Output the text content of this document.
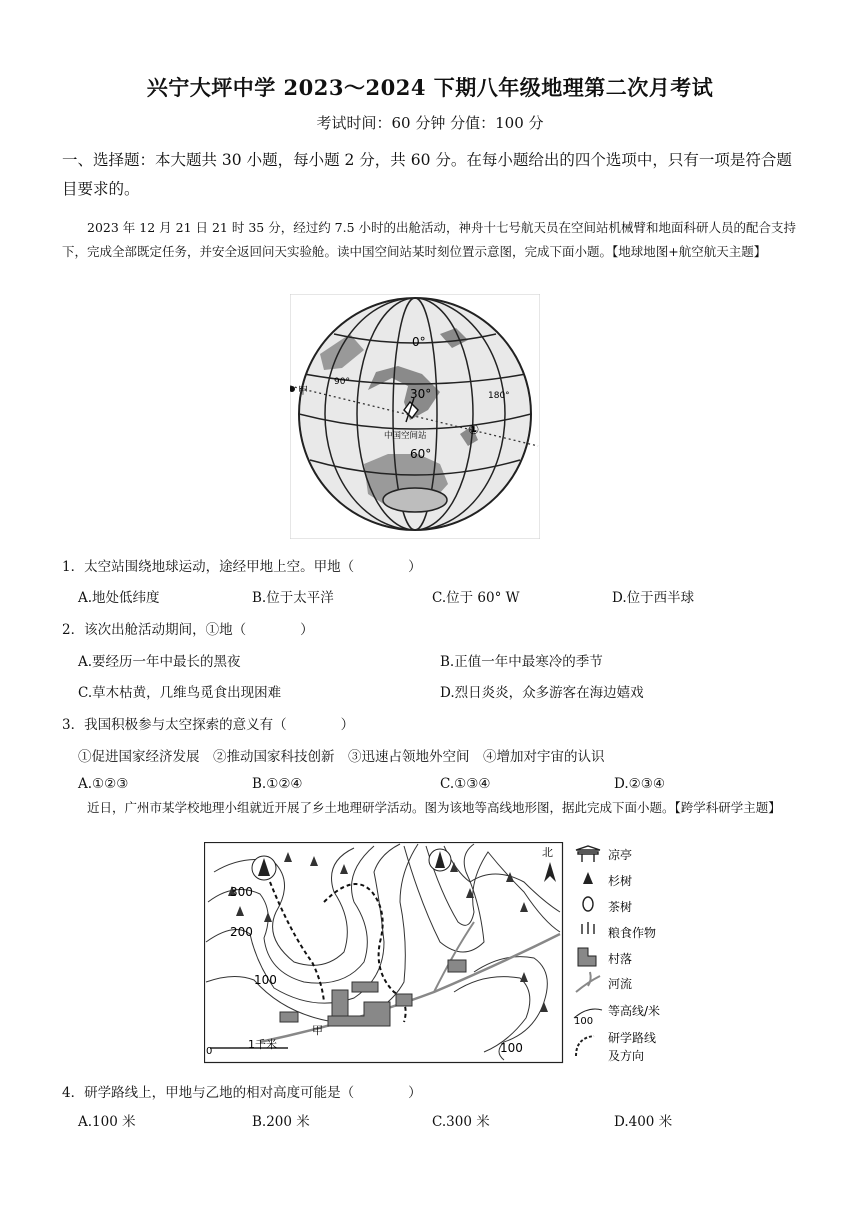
兴宁大坪中学 2023～2024 下期八年级地理第二次月考试
考试时间：60 分钟 分值：100 分
一、选择题：本大题共 30 小题，每小题 2 分，共 60 分。在每小题给出的四个选项中，只有一项是符合题目要求的。
2023 年 12 月 21 日 21 时 35 分，经过约 7.5 小时的出舱活动，神舟十七号航天员在空间站机械臂和地面科研人员的配合支持下，完成全部既定任务，并安全返回问天实验舱。读中国空间站某时刻位置示意图，完成下面小题。【地球地图+航空航天主题】
0°
90°
180°
30°
60°
甲
中国空间站	①
1．太空站围绕地球运动，途经甲地上空。甲地（　　　　）
A.地处低纬度	B.位于太平洋	C.位于 60° W	D.位于西半球
2．该次出舱活动期间，①地（　　　　）
A.要经历一年中最长的黑夜	B.正值一年中最寒冷的季节
C.草木枯黄，几维鸟觅食出现困难	D.烈日炎炎，众多游客在海边嬉戏
3．我国积极参与太空探索的意义有（　　　　）
①促进国家经济发展　②推动国家科技创新　③迅速占领地外空间　④增加对宇宙的认识
A.①②③	B.①②④	C.①③④	D.②③④
近日，广州市某学校地理小组就近开展了乡土地理研学活动。图为该地等高线地形图，据此完成下面小题。【跨学科研学主题】
北
300
200
100
100
甲
0
1千米
凉亭
杉树
茶树
粮食作物
村落
河流
100
等高线/米
研学路线
及方向
4．研学路线上，甲地与乙地的相对高度可能是（　　　　）
A.100 米	B.200 米	C.300 米	D.400 米
